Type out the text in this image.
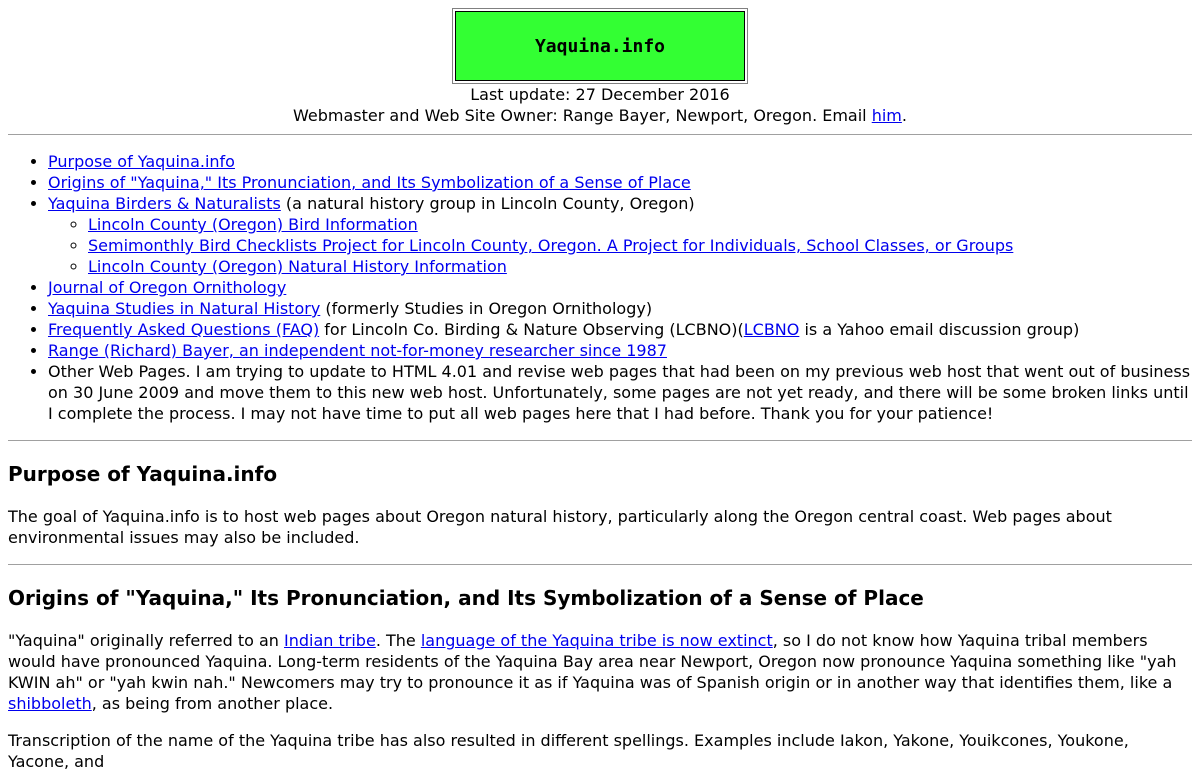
Yaquina.info

Last update: 27 December 2016

Webmaster and Web Site Owner: Range Bayer, Newport, Oregon. Email him.

• Purpose of Yaquina.info
• Origins of "Yaquina," Its Pronunciation, and Its Symbolization of a Sense of Place
• Yaquina Birders & Naturalists (a natural history group in Lincoln County, Oregon)
◦ Lincoln County (Oregon) Bird Information
◦ Semimonthly Bird Checklists Project for Lincoln County, Oregon. A Project for Individuals, School Classes, or Groups
◦ Lincoln County (Oregon) Natural History Information
• Journal of Oregon Ornithology
• Yaquina Studies in Natural History (formerly Studies in Oregon Ornithology)
• Frequently Asked Questions (FAQ) for Lincoln Co. Birding & Nature Observing (LCBNO)(LCBNO is a Yahoo email discussion group)
• Range (Richard) Bayer, an independent not-for-money researcher since 1987
• Other Web Pages. I am trying to update to HTML 4.01 and revise web pages that had been on my previous web host that went out of business on 30 June 2009 and move them to this new web host. Unfortunately, some pages are not yet ready, and there will be some broken links until I complete the process. I may not have time to put all web pages here that I had before. Thank you for your patience!
Purpose of Yaquina.info

The goal of Yaquina.info is to host web pages about Oregon natural history, particularly along the Oregon central coast. Web pages about environmental issues may also be included.

Origins of "Yaquina," Its Pronunciation, and Its Symbolization of a Sense of Place

"Yaquina" originally referred to an Indian tribe. The language of the Yaquina tribe is now extinct, so I do not know how Yaquina tribal members would have pronounced Yaquina. Long-term residents of the Yaquina Bay area near Newport, Oregon now pronounce Yaquina something like "yah KWIN ah" or "yah kwin nah." Newcomers may try to pronounce it as if Yaquina was of Spanish origin or in another way that identifies them, like a shibboleth, as being from another place.

Transcription of the name of the Yaquina tribe has also resulted in different spellings. Examples include Iakon, Yakone, Youikcones, Youkone, Yacone, and
